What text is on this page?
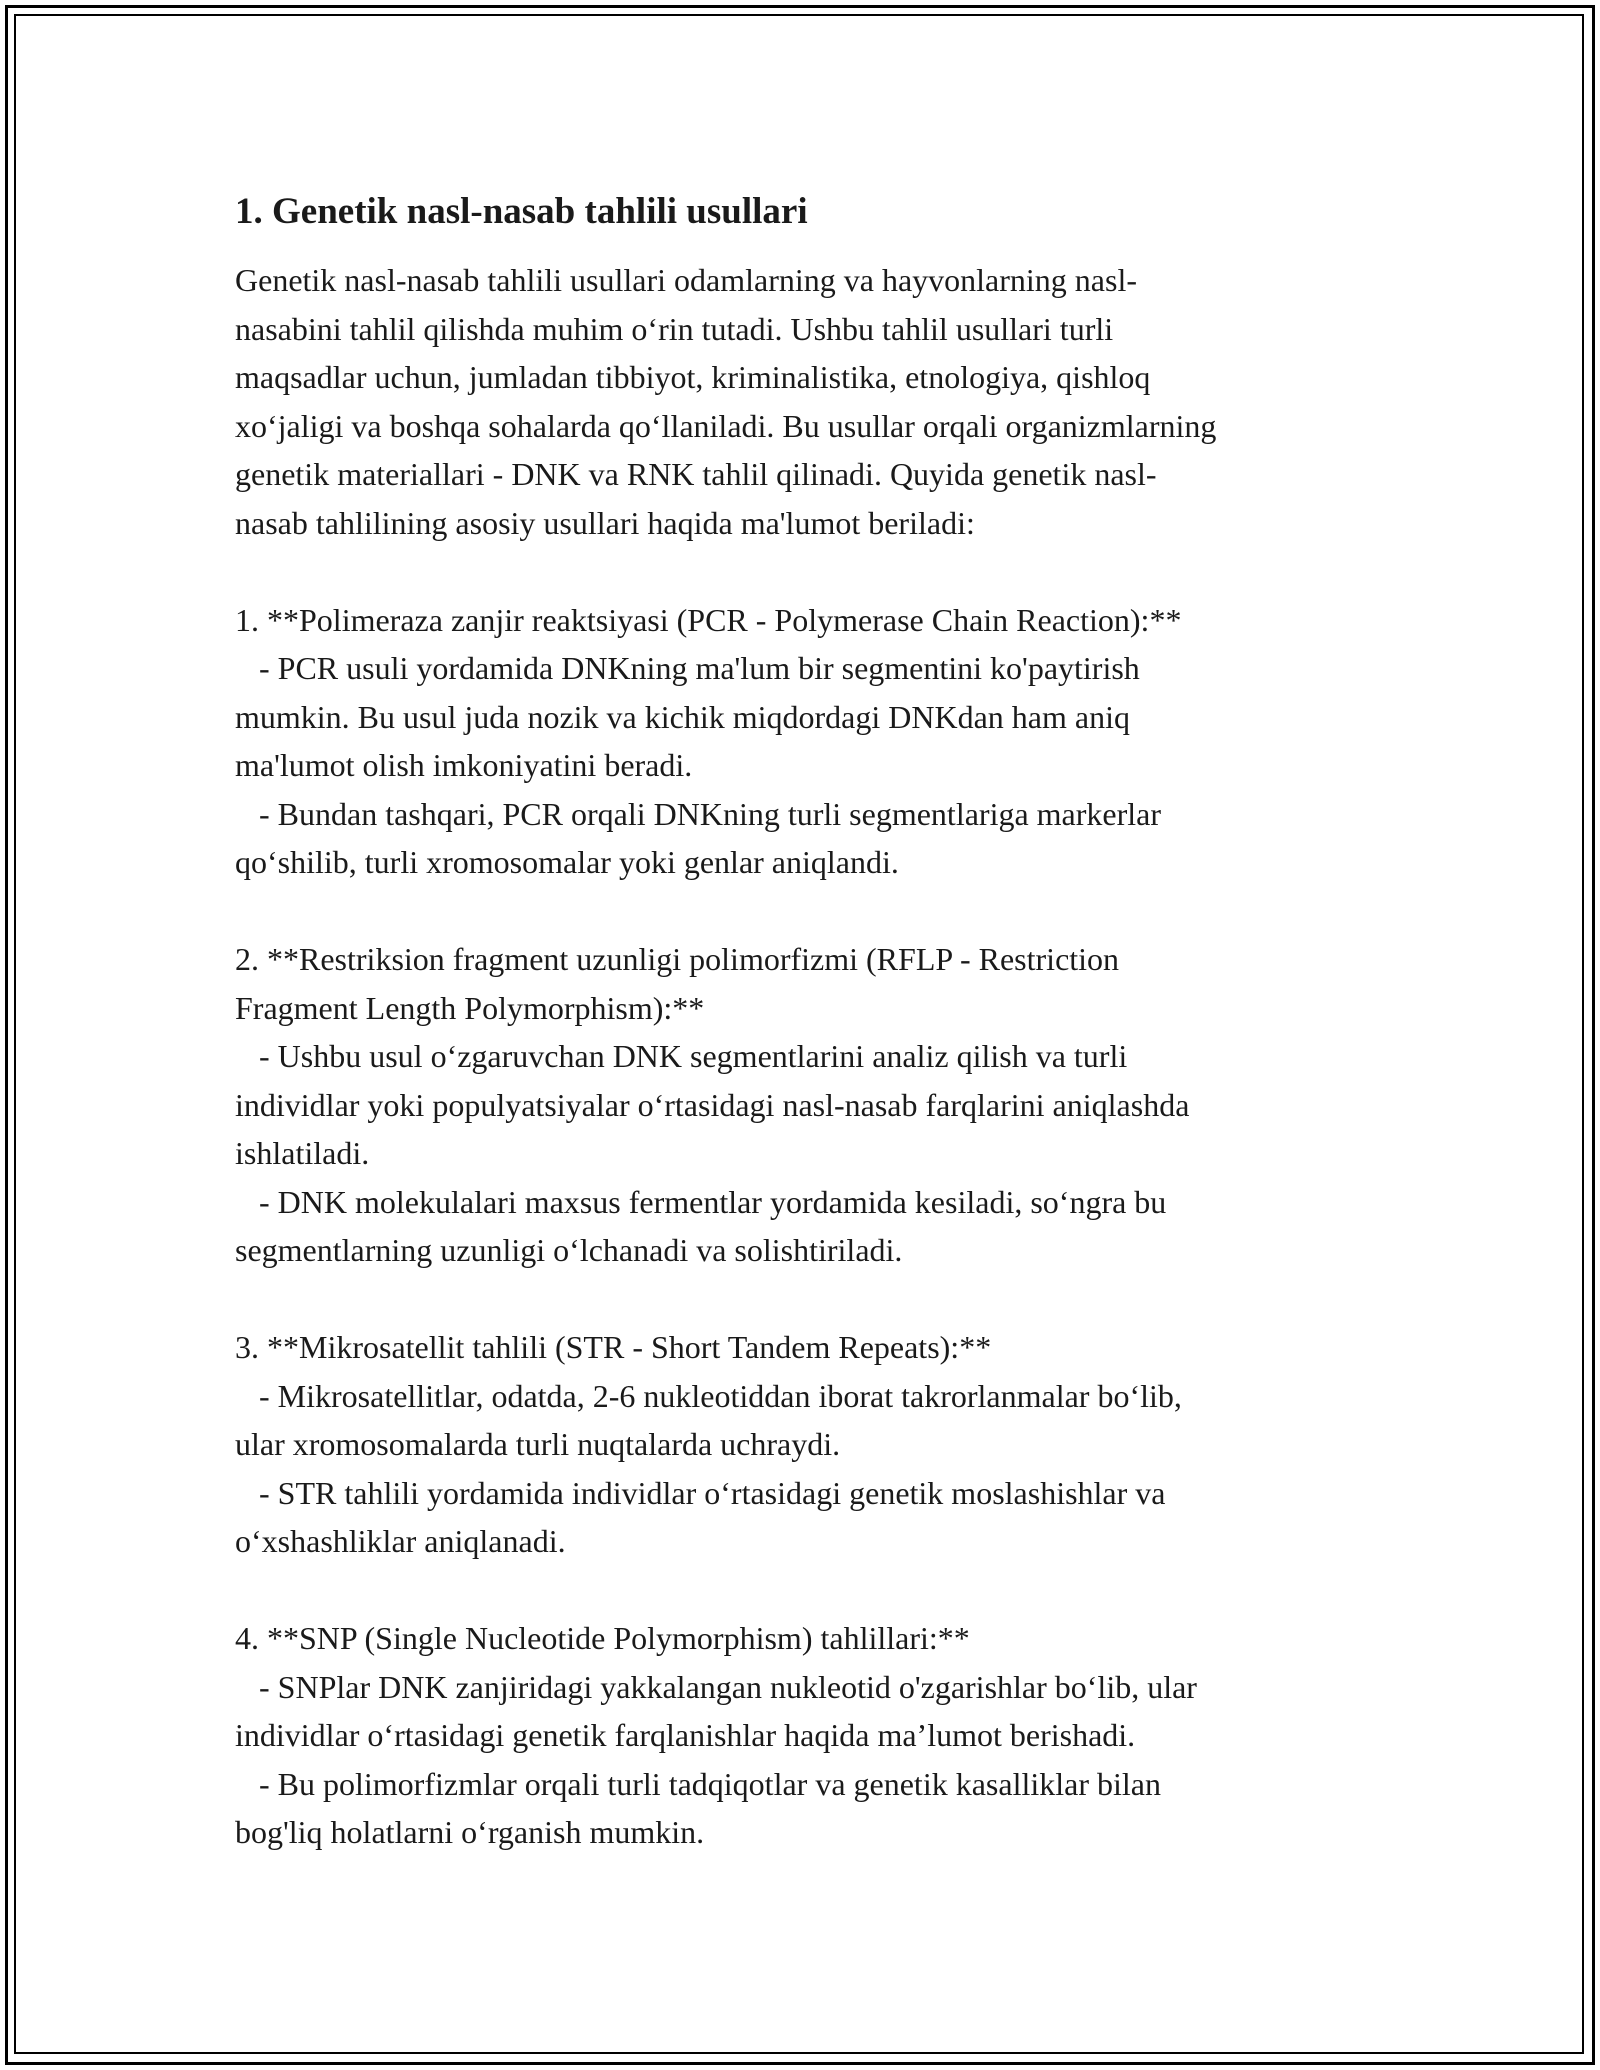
1. Genetik nasl-nasab tahlili usullari
Genetik nasl-nasab tahlili usullari odamlarning va hayvonlarning nasl-
nasabini tahlil qilishda muhim o‘rin tutadi. Ushbu tahlil usullari turli
maqsadlar uchun, jumladan tibbiyot, kriminalistika, etnologiya, qishloq
xo‘jaligi va boshqa sohalarda qo‘llaniladi. Bu usullar orqali organizmlarning
genetik materiallari - DNK va RNK tahlil qilinadi. Quyida genetik nasl-
nasab tahlilining asosiy usullari haqida ma'lumot beriladi:
1. **Polimeraza zanjir reaktsiyasi (PCR - Polymerase Chain Reaction):**
- PCR usuli yordamida DNKning ma'lum bir segmentini ko'paytirish
mumkin. Bu usul juda nozik va kichik miqdordagi DNKdan ham aniq
ma'lumot olish imkoniyatini beradi.
- Bundan tashqari, PCR orqali DNKning turli segmentlariga markerlar
qo‘shilib, turli xromosomalar yoki genlar aniqlandi.
2. **Restriksion fragment uzunligi polimorfizmi (RFLP - Restriction
Fragment Length Polymorphism):**
- Ushbu usul o‘zgaruvchan DNK segmentlarini analiz qilish va turli
individlar yoki populyatsiyalar o‘rtasidagi nasl-nasab farqlarini aniqlashda
ishlatiladi.
- DNK molekulalari maxsus fermentlar yordamida kesiladi, so‘ngra bu
segmentlarning uzunligi o‘lchanadi va solishtiriladi.
3. **Mikrosatellit tahlili (STR - Short Tandem Repeats):**
- Mikrosatellitlar, odatda, 2-6 nukleotiddan iborat takrorlanmalar bo‘lib,
ular xromosomalarda turli nuqtalarda uchraydi.
- STR tahlili yordamida individlar o‘rtasidagi genetik moslashishlar va
o‘xshashliklar aniqlanadi.
4. **SNP (Single Nucleotide Polymorphism) tahlillari:**
- SNPlar DNK zanjiridagi yakkalangan nukleotid o'zgarishlar bo‘lib, ular
individlar o‘rtasidagi genetik farqlanishlar haqida ma’lumot berishadi.
- Bu polimorfizmlar orqali turli tadqiqotlar va genetik kasalliklar bilan
bog'liq holatlarni o‘rganish mumkin.
